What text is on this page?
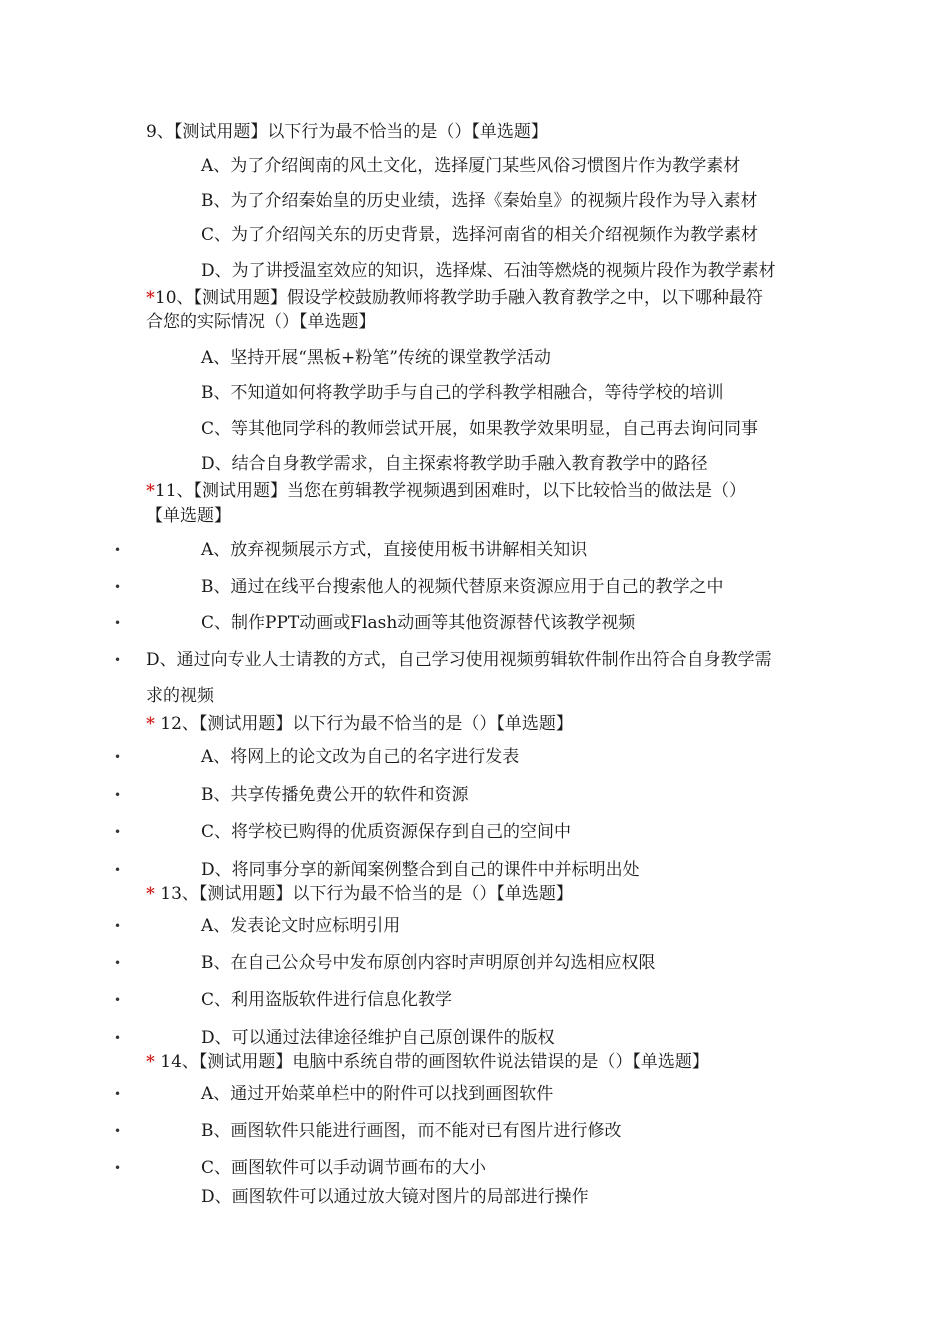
9、【测试用题】以下行为最不恰当的是（）【单选题】
A、为了介绍闽南的风土文化，选择厦门某些风俗习惯图片作为教学素材
B、为了介绍秦始皇的历史业绩，选择《秦始皇》的视频片段作为导入素材
C、为了介绍闯关东的历史背景，选择河南省的相关介绍视频作为教学素材
D、为了讲授温室效应的知识，选择煤、石油等燃烧的视频片段作为教学素材
*10、【测试用题】假设学校鼓励教师将教学助手融入教育教学之中，以下哪种最符
合您的实际情况（）【单选题】
A、坚持开展“黑板+粉笔”传统的课堂教学活动
B、不知道如何将教学助手与自己的学科教学相融合，等待学校的培训
C、等其他同学科的教师尝试开展，如果教学效果明显，自己再去询问同事
D、结合自身教学需求，自主探索将教学助手融入教育教学中的路径
*11、【测试用题】当您在剪辑教学视频遇到困难时，以下比较恰当的做法是（）
【单选题】
•	A、放弃视频展示方式，直接使用板书讲解相关知识
•	B、通过在线平台搜索他人的视频代替原来资源应用于自己的教学之中
•	C、制作PPT动画或Flash动画等其他资源替代该教学视频
• D、通过向专业人士请教的方式，自己学习使用视频剪辑软件制作出符合自身教学需
求的视频
* 12、【测试用题】以下行为最不恰当的是（）【单选题】
•	A、将网上的论文改为自己的名字进行发表
•	B、共享传播免费公开的软件和资源
•	C、将学校已购得的优质资源保存到自己的空间中
•	D、将同事分享的新闻案例整合到自己的课件中并标明出处
* 13、【测试用题】以下行为最不恰当的是（）【单选题】
•	A、发表论文时应标明引用
•	B、在自己公众号中发布原创内容时声明原创并勾选相应权限
•	C、利用盗版软件进行信息化教学
•	D、可以通过法律途径维护自己原创课件的版权
* 14、【测试用题】电脑中系统自带的画图软件说法错误的是（）【单选题】
•	A、通过开始菜单栏中的附件可以找到画图软件
•	B、画图软件只能进行画图，而不能对已有图片进行修改
•	C、画图软件可以手动调节画布的大小
D、画图软件可以通过放大镜对图片的局部进行操作
